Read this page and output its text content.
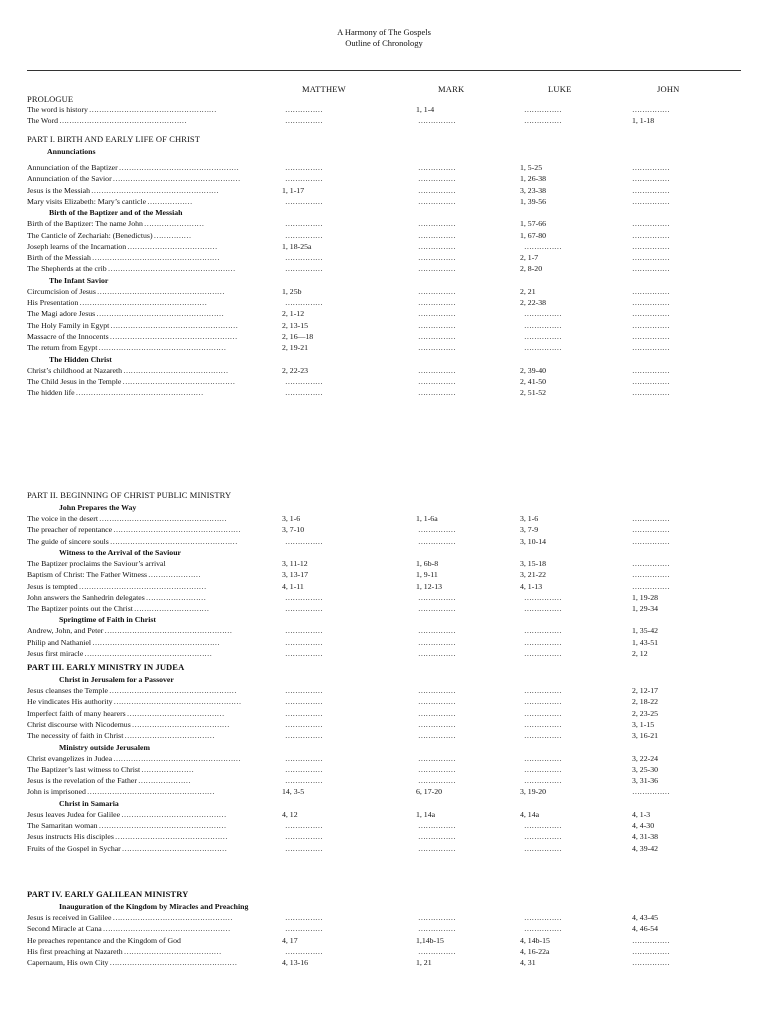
A Harmony of The Gospels
Outline of Chronology
MATTHEW	MARK	LUKE	JOHN
PROLOGUE
The word is history ……………………………………………	……………	1, 1-4	……………	……………
The Word ……………………………………………	……………	……………	……………	1, 1-18
PART I. BIRTH AND EARLY LIFE OF CHRIST
Annunciations
Annunciation of the Baptizer …………………………………………	……………	……………	1, 5-25	……………
Annunciation of the Savior ……………………………………………	……………	……………	1, 26-38	……………
Jesus is the Messiah ……………………………………………	1, 1-17	……………	3, 23-38	……………
Mary visits Elizabeth: Mary’s canticle ………………	……………	……………	1, 39-56	……………
Birth of the Baptizer and of the Messiah
Birth of the Baptizer: The name John ……………………	……………	……………	1, 57-66	……………
The Canticle of Zechariah: (Benedictus) ……………	……………	……………	1, 67-80	……………
Joseph learns of the Incarnation ………………………………	1, 18-25a	……………	……………	……………
Birth of the Messiah ……………………………………………	……………	……………	2, 1-7	……………
The Shepherds at the crib ……………………………………………	……………	……………	2, 8-20	……………
The Infant Savior
Circumcision of Jesus ……………………………………………	1, 25b	……………	2, 21	……………
His Presentation ……………………………………………	……………	……………	2, 22-38	……………
The Magi adore Jesus ……………………………………………	2, 1-12	……………	……………	……………
The Holy Family in Egypt ……………………………………………	2, 13-15	……………	……………	……………
Massacre of the Innocents ……………………………………………	2, 16—18	……………	……………	……………
The return from Egypt ……………………………………………	2, 19-21	……………	……………	……………
The Hidden Christ
Christ’s childhood at Nazareth ……………………………………	2, 22-23	……………	2, 39-40	……………
The Child Jesus in the Temple ………………………………………	……………	……………	2, 41-50	……………
The hidden life ……………………………………………	……………	……………	2, 51-52	……………
PART II. BEGINNING OF CHRIST PUBLIC MINISTRY
John Prepares the Way
The voice in the desert ……………………………………………	3, 1-6	1, 1-6a	3, 1-6	……………
The preacher of repentance ……………………………………………	3, 7-10	……………	3, 7-9	……………
The guide of sincere souls ……………………………………………	……………	……………	3, 10-14	……………
Witness to the Arrival of the Saviour
The Baptizer proclaims the Saviour’s arrival	3, 11-12	1, 6b-8	3, 15-18	……………
Baptism of Christ: The Father Witness …………………	3, 13-17	1, 9-11	3, 21-22	……………
Jesus is tempted ……………………………………………	4, 1-11	1, 12-13	4, 1-13	……………
John answers the Sanhedrin delegates ……………………	……………	……………	……………	1, 19-28
The Baptizer points out the Christ …………………………	……………	……………	……………	1, 29-34
Springtime of Faith in Christ
Andrew, John, and Peter ……………………………………………	……………	……………	……………	1, 35-42
Philip and Nathaniel ……………………………………………	……………	……………	……………	1, 43-51
Jesus first miracle ……………………………………………	……………	……………	……………	2, 12
PART III. EARLY MINISTRY IN JUDEA
Christ in Jerusalem for a Passover
Jesus cleanses the Temple ……………………………………………	……………	……………	……………	2, 12-17
He vindicates His authority ……………………………………………	……………	……………	……………	2, 18-22
Imperfect faith of many hearers …………………………………	……………	……………	……………	2, 23-25
Christ discourse with Nicodemus …………………………………	……………	……………	……………	3, 1-15
The necessity of faith in Christ ………………………………	……………	……………	……………	3, 16-21
Ministry outside Jerusalem
Christ evangelizes in Judea ……………………………………………	……………	……………	……………	3, 22-24
The Baptizer’s last witness to Christ …………………	……………	……………	……………	3, 25-30
Jesus is the revelation of the Father …………………	……………	……………	……………	3, 31-36
John is imprisoned ……………………………………………	14, 3-5	6, 17-20	3, 19-20	……………
Christ in Samaria
Jesus leaves Judea for Galilee ……………………………………	4, 12	1, 14a	4, 14a	4, 1-3
The Samaritan woman ……………………………………………	……………	……………	……………	4, 4-30
Jesus instructs His disciples ………………………………………	……………	……………	……………	4, 31-38
Fruits of the Gospel in Sychar ……………………………………	……………	……………	……………	4, 39-42
PART IV. EARLY GALILEAN MINISTRY
Inauguration of the Kingdom by Miracles and Preaching
Jesus is received in Galilee …………………………………………	……………	……………	……………	4, 43-45
Second Miracle at Cana ……………………………………………	……………	……………	……………	4, 46-54
He preaches repentance and the Kingdom of God	4, 17	1,14b-15	4, 14b-15	……………
His first preaching at Nazareth …………………………………	……………	……………	4, 16-22a	……………
Capernaum, His own City ……………………………………………	4, 13-16	1, 21	4, 31	……………
